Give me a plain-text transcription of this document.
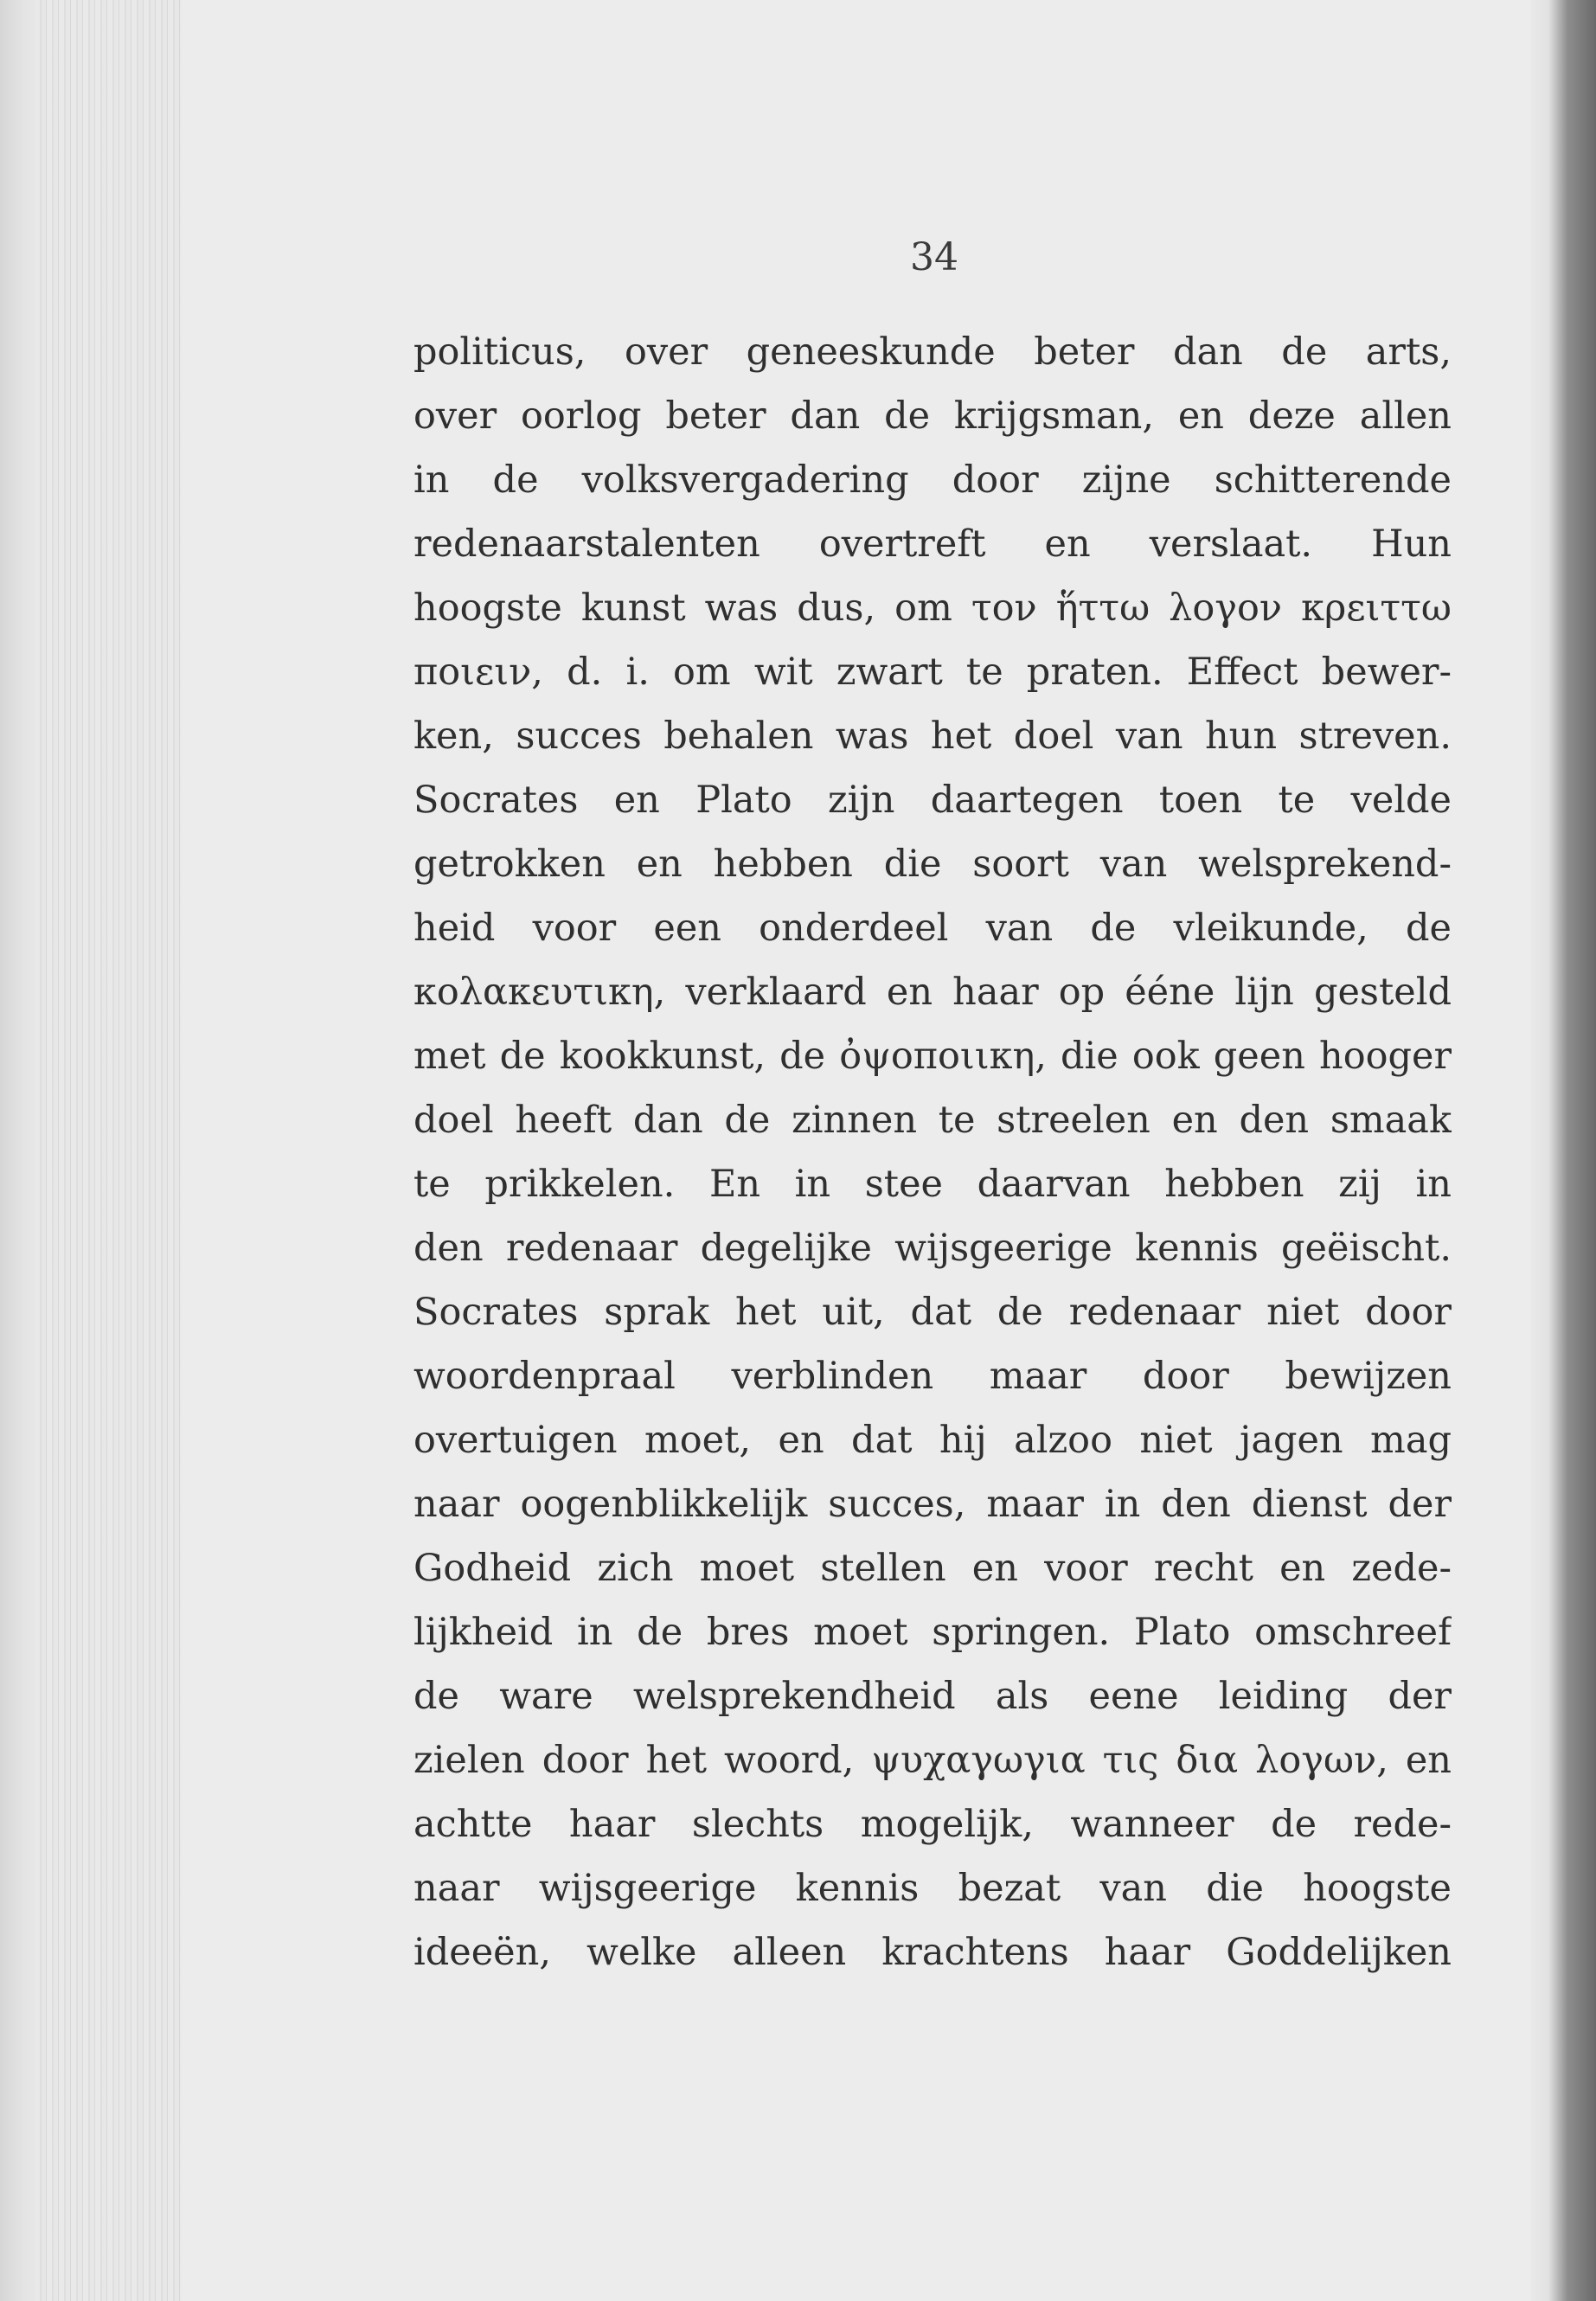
34
politicus, over geneeskunde beter dan de arts,
over oorlog beter dan de krijgsman, en deze allen
in de volksvergadering door zijne schitterende
redenaarstalenten overtreft en verslaat. Hun
hoogste kunst was dus, om τον ἥττω λογον κρειττω
ποιειν, d. i. om wit zwart te praten. Effect bewer-
ken, succes behalen was het doel van hun streven.
Socrates en Plato zijn daartegen toen te velde
getrokken en hebben die soort van welsprekend-
heid voor een onderdeel van de vleikunde, de
κολακευτικη, verklaard en haar op ééne lijn gesteld
met de kookkunst, de ὀψοποιικη, die ook geen hooger
doel heeft dan de zinnen te streelen en den smaak
te prikkelen. En in stee daarvan hebben zij in
den redenaar degelijke wijsgeerige kennis geëischt.
Socrates sprak het uit, dat de redenaar niet door
woordenpraal verblinden maar door bewijzen
overtuigen moet, en dat hij alzoo niet jagen mag
naar oogenblikkelijk succes, maar in den dienst der
Godheid zich moet stellen en voor recht en zede-
lijkheid in de bres moet springen. Plato omschreef
de ware welsprekendheid als eene leiding der
zielen door het woord, ψυχαγωγια τις δια λογων, en
achtte haar slechts mogelijk, wanneer de rede-
naar wijsgeerige kennis bezat van die hoogste
ideeën, welke alleen krachtens haar Goddelijken
